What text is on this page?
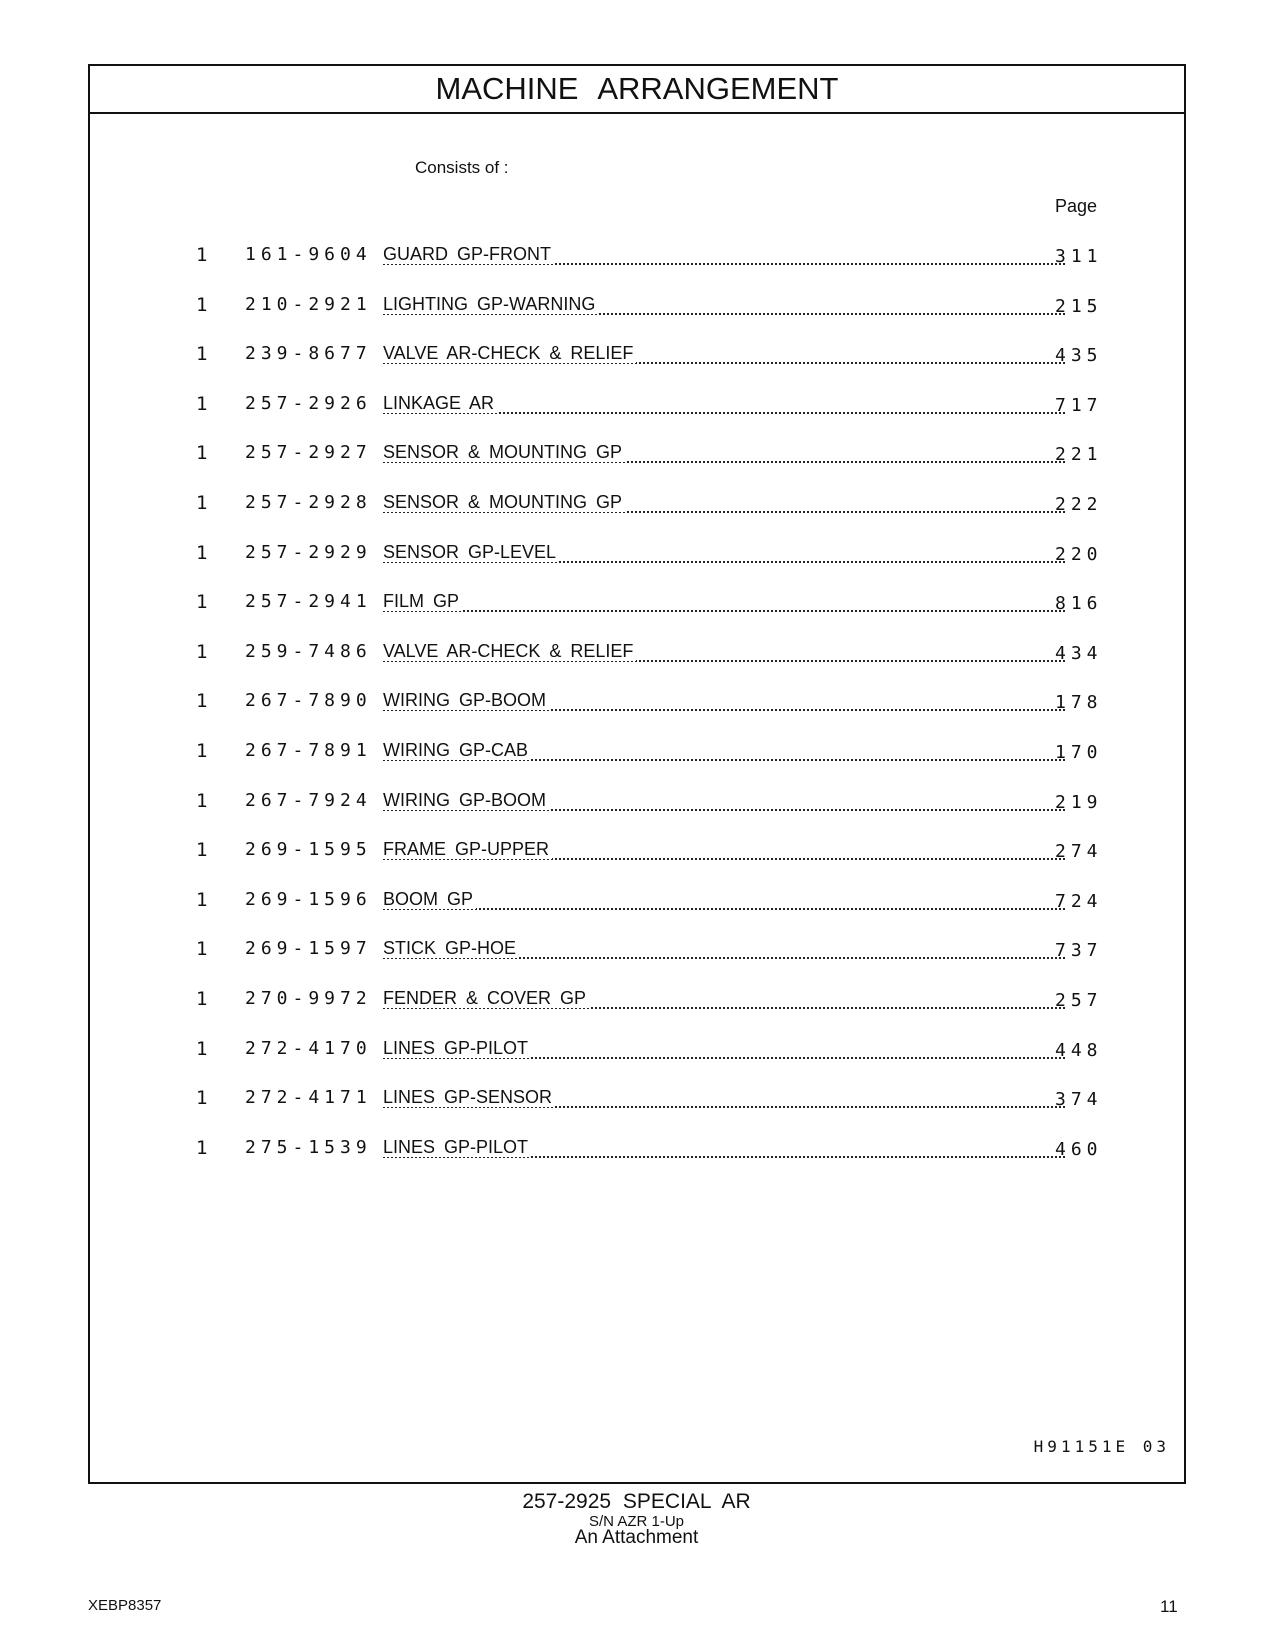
MACHINE ARRANGEMENT
Consists of :
Page
1 161-9604 GUARD GP-FRONT	311
1 210-2921 LIGHTING GP-WARNING	215
1 239-8677 VALVE AR-CHECK & RELIEF	435
1 257-2926 LINKAGE AR	717
1 257-2927 SENSOR & MOUNTING GP	221
1 257-2928 SENSOR & MOUNTING GP	222
1 257-2929 SENSOR GP-LEVEL	220
1 257-2941 FILM GP	816
1 259-7486 VALVE AR-CHECK & RELIEF	434
1 267-7890 WIRING GP-BOOM	178
1 267-7891 WIRING GP-CAB	170
1 267-7924 WIRING GP-BOOM	219
1 269-1595 FRAME GP-UPPER	274
1 269-1596 BOOM GP	724
1 269-1597 STICK GP-HOE	737
1 270-9972 FENDER & COVER GP	257
1 272-4170 LINES GP-PILOT	448
1 272-4171 LINES GP-SENSOR	374
1 275-1539 LINES GP-PILOT	460
H91151E 03
257-2925 SPECIAL AR
S/N AZR 1-Up
An Attachment
XEBP8357	11
